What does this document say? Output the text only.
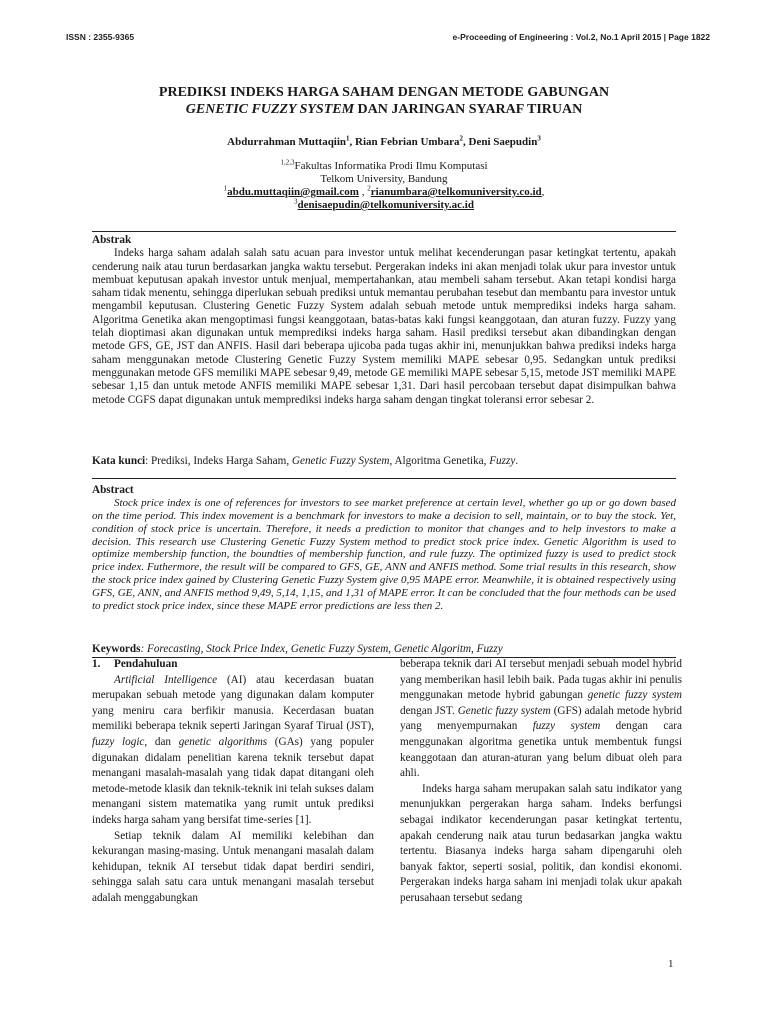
ISSN : 2355-9365	e-Proceeding of Engineering : Vol.2, No.1 April 2015 | Page 1822
PREDIKSI INDEKS HARGA SAHAM DENGAN METODE GABUNGAN
GENETIC FUZZY SYSTEM DAN JARINGAN SYARAF TIRUAN
Abdurrahman Muttaqiin$^1$, Rian Febrian Umbara$^2$, Deni Saepudin$^3$
$^{1,2,3}$Fakultas Informatika Prodi Ilmu Komputasi
Telkom University, Bandung
$^1$abdu.muttaqiin@gmail.com , $^2$rianumbara@telkomuniversity.co.id,
$^3$denisaepudin@telkomuniversity.ac.id
Abstrak
Indeks harga saham adalah salah satu acuan para investor untuk melihat kecenderungan pasar ketingkat tertentu, apakah cenderung naik atau turun berdasarkan jangka waktu tersebut. Pergerakan indeks ini akan menjadi tolak ukur para investor untuk membuat keputusan apakah investor untuk menjual, mempertahankan, atau membeli saham tersebut. Akan tetapi kondisi harga saham tidak menentu, sehingga diperlukan sebuah prediksi untuk memantau perubahan tesebut dan membantu para investor untuk mengambil keputusan. Clustering Genetic Fuzzy System adalah sebuah metode untuk memprediksi indeks harga saham. Algoritma Genetika akan mengoptimasi fungsi keanggotaan, batas-batas kaki fungsi keanggotaan, dan aturan fuzzy. Fuzzy yang telah dioptimasi akan digunakan untuk memprediksi indeks harga saham. Hasil prediksi tersebut akan dibandingkan dengan metode GFS, GE, JST dan ANFIS. Hasil dari beberapa ujicoba pada tugas akhir ini, menunjukkan bahwa prediksi indeks harga saham menggunakan metode Clustering Genetic Fuzzy System memiliki MAPE sebesar 0,95. Sedangkan untuk prediksi menggunakan metode GFS memiliki MAPE sebesar 9,49, metode GE memiliki MAPE sebesar 5,15, metode JST memiliki MAPE sebesar 1,15 dan untuk metode ANFIS memiliki MAPE sebesar 1,31. Dari hasil percobaan tersebut dapat disimpulkan bahwa metode CGFS dapat digunakan untuk memprediksi indeks harga saham dengan tingkat toleransi error sebesar 2.
Kata kunci: Prediksi, Indeks Harga Saham, Genetic Fuzzy System, Algoritma Genetika, Fuzzy.
Abstract
Stock price index is one of references for investors to see market preference at certain level, whether go up or go down based on the time period. This index movement is a benchmark for investors to make a decision to sell, maintain, or to buy the stock. Yet, condition of stock price is uncertain. Therefore, it needs a prediction to monitor that changes and to help investors to make a decision. This research use Clustering Genetic Fuzzy System method to predict stock price index. Genetic Algorithm is used to optimize membership function, the boundties of membership function, and rule fuzzy. The optimized fuzzy is used to predict stock price index. Futhermore, the result will be compared to GFS, GE, ANN and ANFIS method. Some trial results in this research, show the stock price index gained by Clustering Genetic Fuzzy System give 0,95 MAPE error. Meanwhile, it is obtained respectively using GFS, GE, ANN, and ANFIS method 9,49, 5,14, 1,15, and 1,31 of MAPE error. It can be concluded that the four methods can be used to predict stock price index, since these MAPE error predictions are less then 2.
Keywords: Forecasting, Stock Price Index, Genetic Fuzzy System, Genetic Algoritm, Fuzzy
1. Pendahuluan

Artificial Intelligence (AI) atau kecerdasan buatan merupakan sebuah metode yang digunakan dalam komputer yang meniru cara berfikir manusia. Kecerdasan buatan memiliki beberapa teknik seperti Jaringan Syaraf Tirual (JST), fuzzy logic, dan genetic algorithms (GAs) yang populer digunakan didalam penelitian karena teknik tersebut dapat menangani masalah-masalah yang tidak dapat ditangani oleh metode-metode klasik dan teknik-teknik ini telah sukses dalam menangani sistem matematika yang rumit untuk prediksi indeks harga saham yang bersifat time-series [1].

Setiap teknik dalam AI memiliki kelebihan dan kekurangan masing-masing. Untuk menangani masalah dalam kehidupan, teknik AI tersebut tidak dapat berdiri sendiri, sehingga salah satu cara untuk menangani masalah tersebut adalah menggabungkan

beberapa teknik dari AI tersebut menjadi sebuah model hybrid yang memberikan hasil lebih baik. Pada tugas akhir ini penulis menggunakan metode hybrid gabungan genetic fuzzy system dengan JST. Genetic fuzzy system (GFS) adalah metode hybrid yang menyempurnakan fuzzy system dengan cara menggunakan algoritma genetika untuk membentuk fungsi keanggotaan dan aturan-aturan yang belum dibuat oleh para ahli.

Indeks harga saham merupakan salah satu indikator yang menunjukkan pergerakan harga saham. Indeks berfungsi sebagai indikator kecenderungan pasar ketingkat tertentu, apakah cenderung naik atau turun bedasarkan jangka waktu tertentu. Biasanya indeks harga saham dipengaruhi oleh banyak faktor, seperti sosial, politik, dan kondisi ekonomi. Pergerakan indeks harga saham ini menjadi tolak ukur apakah perusahaan tersebut sedang

1
